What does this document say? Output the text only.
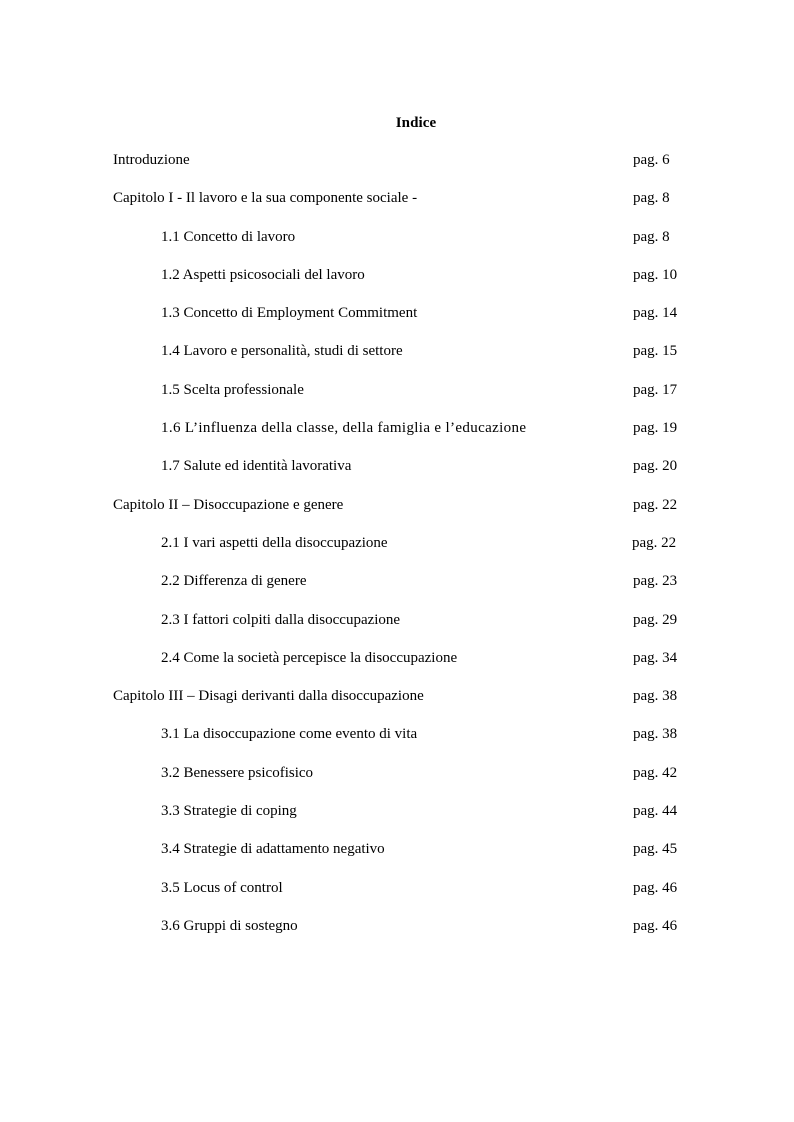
Indice
Introduzione	pag. 6
Capitolo I - Il lavoro e la sua componente sociale -	pag. 8
1.1 Concetto di lavoro	pag. 8
1.2 Aspetti psicosociali del lavoro	pag. 10
1.3 Concetto di Employment Commitment	pag. 14
1.4 Lavoro e personalità, studi di settore	pag. 15
1.5 Scelta professionale	pag. 17
1.6 L’influenza della classe, della famiglia e l’educazione	pag. 19
1.7 Salute ed identità lavorativa	pag. 20
Capitolo II – Disoccupazione e genere	pag. 22
2.1 I vari aspetti della disoccupazione	pag. 22
2.2 Differenza di genere	pag. 23
2.3 I fattori colpiti dalla disoccupazione	pag. 29
2.4 Come la società percepisce la disoccupazione	pag. 34
Capitolo III – Disagi derivanti dalla disoccupazione	pag. 38
3.1 La disoccupazione come evento di vita	pag. 38
3.2 Benessere psicofisico	pag. 42
3.3 Strategie di coping	pag. 44
3.4 Strategie di adattamento negativo	pag. 45
3.5 Locus of control	pag. 46
3.6 Gruppi di sostegno	pag. 46
